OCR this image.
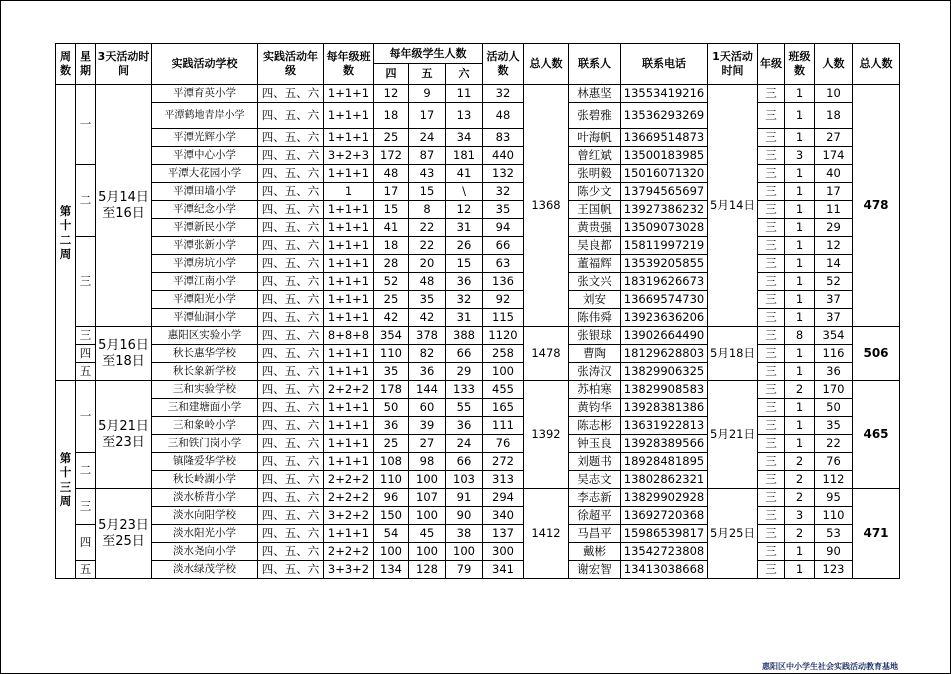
周数	星期	3天活动时间	实践活动学校	实践活动年级	每年级班数	每年级学生人数			活动人数	总人数	联系人	联系电话	1天活动时间	年级	班级数	人数	总人数
						四	五	六									
第十二周	一	5月14日至16日	平潭育英小学	四、五、六	1+1+1	12	9	11	32	1368	林惠坚	13553419216	5月14日	三	1	10	478
			平潭鹤地青岸小学	四、五、六	1+1+1	18	17	13	48		张碧雅	13536293269		三	1	18	
			平潭光辉小学	四、五、六	1+1+1	25	24	34	83		叶海帆	13669514873		三	1	27	
			平潭中心小学	四、五、六	3+2+3	172	87	181	440		曾红斌	13500183985		三	3	174	
	二		平潭大花园小学	四、五、六	1+1+1	48	43	41	132		张明毅	15016071320		三	1	40	
			平潭田墙小学	四、五、六	1	17	15	\	32		陈少文	13794565697		三	1	17	
			平潭纪念小学	四、五、六	1+1+1	15	8	12	35		王国帆	13927386232		三	1	11	
			平潭新民小学	四、五、六	1+1+1	41	22	31	94		黄贵强	13509073028		三	1	29	
	三		平潭张新小学	四、五、六	1+1+1	18	22	26	66		吴良都	15811997219		三	1	12	
			平潭房坑小学	四、五、六	1+1+1	28	20	15	63		董福辉	13539205855		三	1	14	
			平潭江南小学	四、五、六	1+1+1	52	48	36	136		张文兴	18319626673		三	1	52	
			平潭阳光小学	四、五、六	1+1+1	25	35	32	92		刘安	13669574730		三	1	37	
			平潭仙洞小学	四、五、六	1+1+1	42	42	31	115		陈伟舜	13923636206		三	1	37	
	三	5月16日至18日	惠阳区实验小学	四、五、六	8+8+8	354	378	388	1120	1478	张银球	13902664490	5月18日	三	8	354	506
	四		秋长惠华学校	四、五、六	1+1+1	110	82	66	258		曹陶	18129628803		三	1	116	
	五		秋长象新学校	四、五、六	1+1+1	35	36	29	100		张涛汉	13829906325		三	1	36	
第十三周	一	5月21日至23日	三和实验学校	四、五、六	2+2+2	178	144	133	455	1392	苏柏寒	13829908583	5月21日	三	2	170	465
			三和建塘面小学	四、五、六	1+1+1	50	60	55	165		黄钧华	13928381386		三	1	50	
			三和象岭小学	四、五、六	1+1+1	36	39	36	111		陈志彬	13631922813		三	1	35	
			三和铁门岗小学	四、五、六	1+1+1	25	27	24	76		钟玉良	13928389566		三	1	22	
	二		镇隆爱华学校	四、五、六	1+1+1	108	98	66	272		刘题书	18928481895		三	2	76	
			秋长岭湖小学	四、五、六	2+2+2	110	100	103	313		吴志文	13802862321		三	2	112	
	三	5月23日至25日	淡水桥背小学	四、五、六	2+2+2	96	107	91	294	1412	李志新	13829902928	5月25日	三	2	95	471
			淡水向阳学校	四、五、六	3+2+2	150	100	90	340		徐超平	13692720368		三	3	110	
	四		淡水阳光小学	四、五、六	1+1+1	54	45	38	137		马昌平	15986539817		三	2	53	
			淡水尧向小学	四、五、六	2+2+2	100	100	100	300		戴彬	13542723808		三	1	90	
	五		淡水绿茂学校	四、五、六	3+3+2	134	128	79	341		谢宏智	13413038668		三	1	123	
惠阳区中小学生社会实践活动教育基地
